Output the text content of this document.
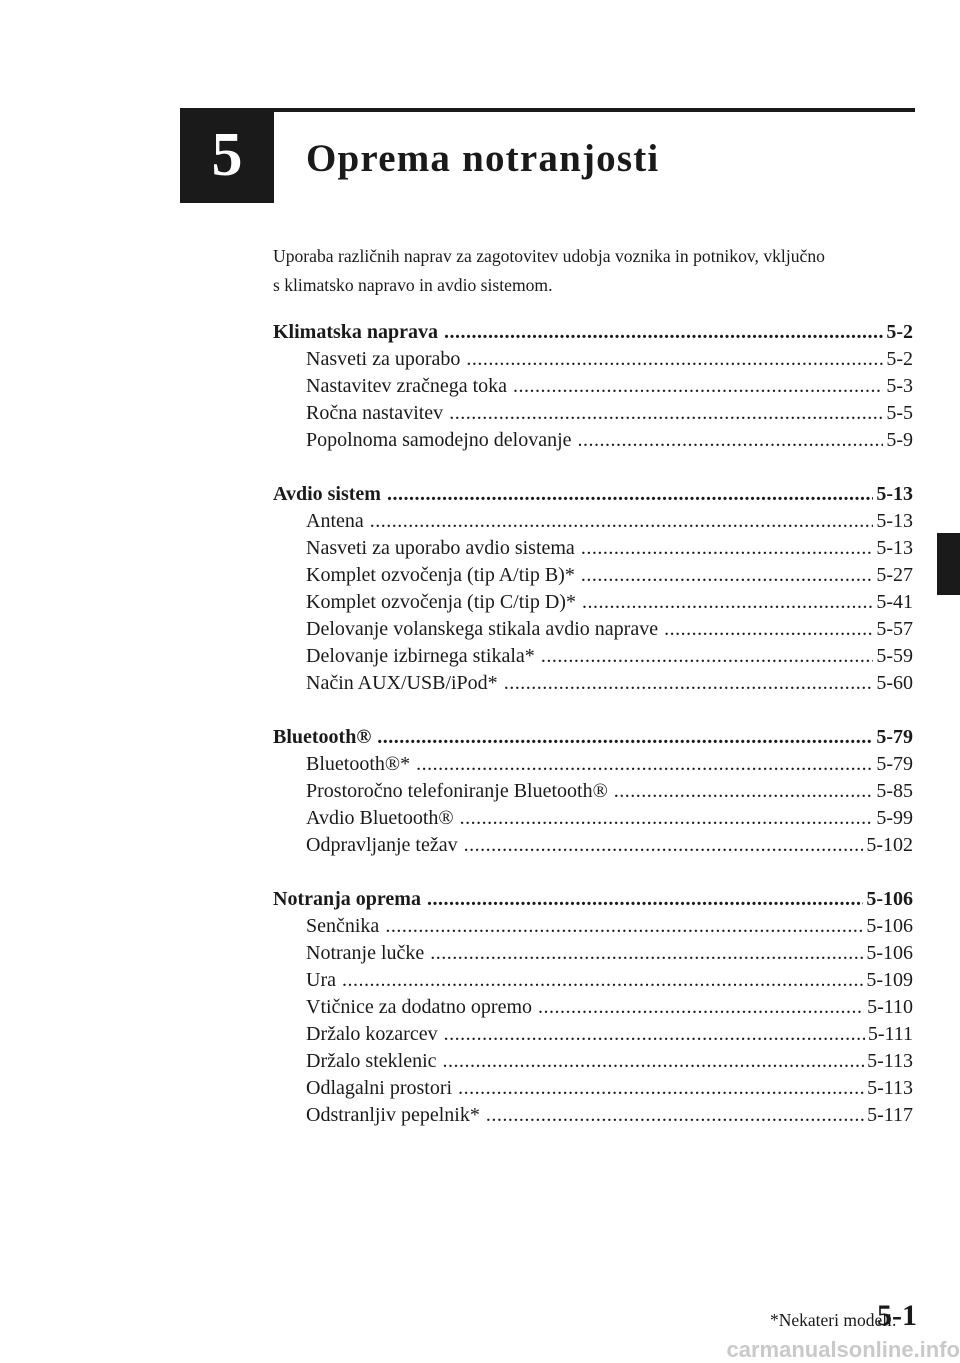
5 Oprema notranjosti
Uporaba različnih naprav za zagotovitev udobja voznika in potnikov, vključno
s klimatsko napravo in avdio sistemom.
Klimatska naprava .....	5-2
Nasveti za uporabo .....	5-2
Nastavitev zračnega toka .....	5-3
Ročna nastavitev .....	5-5
Popolnoma samodejno delovanje .....	5-9
Avdio sistem .....	5-13
Antena .....	5-13
Nasveti za uporabo avdio sistema .....	5-13
Komplet ozvočenja (tip A/tip B)* .....	5-27
Komplet ozvočenja (tip C/tip D)* .....	5-41
Delovanje volanskega stikala avdio naprave .....	5-57
Delovanje izbirnega stikala* .....	5-59
Način AUX/USB/iPod* .....	5-60
Bluetooth® .....	5-79
Bluetooth®* .....	5-79
Prostoročno telefoniranje Bluetooth® .....	5-85
Avdio Bluetooth® .....	5-99
Odpravljanje težav .....	5-102
Notranja oprema .....	5-106
Senčnika .....	5-106
Notranje lučke .....	5-106
Ura .....	5-109
Vtičnice za dodatno opremo .....	5-110
Držalo kozarcev .....	5-111
Držalo steklenic .....	5-113
Odlagalni prostori .....	5-113
Odstranljiv pepelnik* .....	5-117
*Nekateri modeli.
5-1
carmanualsonline.info
